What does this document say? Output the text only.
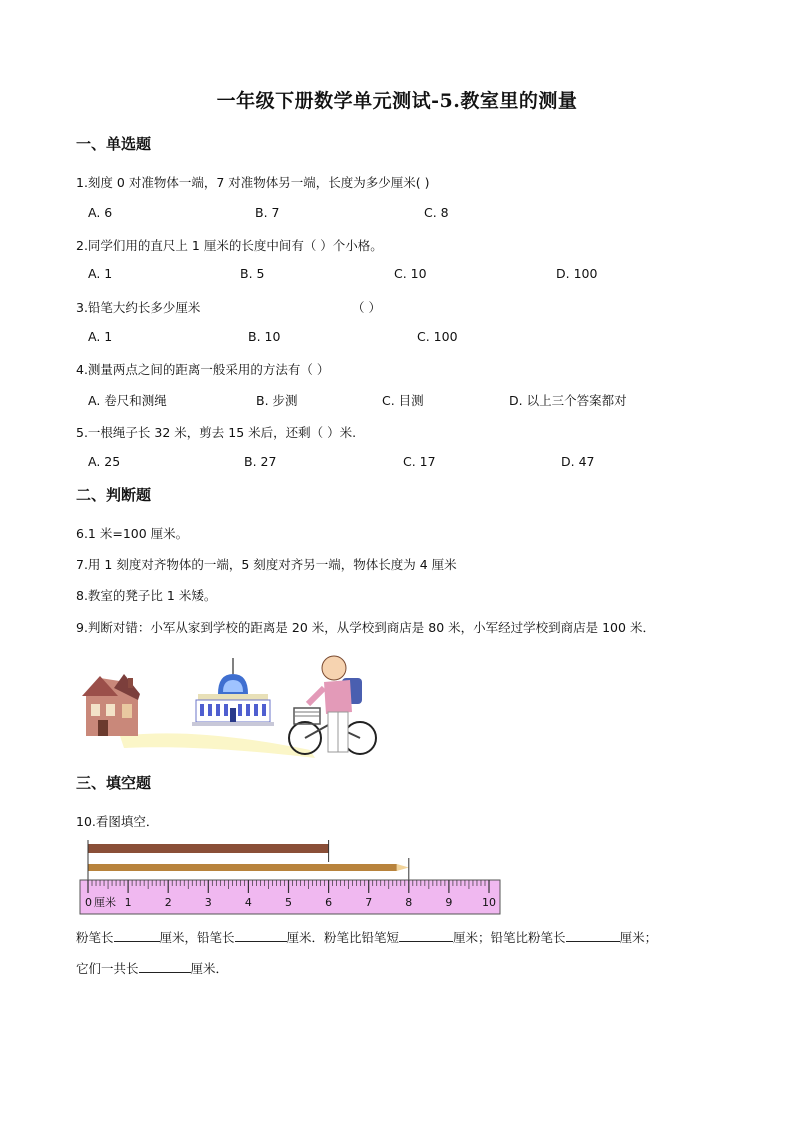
一年级下册数学单元测试-5.教室里的测量
一、单选题
1.刻度 0 对准物体一端，7 对准物体另一端，长度为多少厘米( )
A. 6	B. 7	C. 8
2.同学们用的直尺上 1 厘米的长度中间有（ ）个小格。
A. 1	B. 5	C. 10	D. 100
3.铅笔大约长多少厘米	（ ）
A. 1	B. 10	C. 100
4.测量两点之间的距离一般采用的方法有（ ）
A. 卷尺和测绳	B. 步测	C. 目测	D. 以上三个答案都对
5.一根绳子长 32 米，剪去 15 米后，还剩（ ）米.
A. 25	B. 27	C. 17	D. 47
二、判断题
6.1 米=100 厘米。
7.用 1 刻度对齐物体的一端，5 刻度对齐另一端，物体长度为 4 厘米
8.教室的凳子比 1 米矮。
9.判断对错：小军从家到学校的距离是 20 米，从学校到商店是 80 米，小军经过学校到商店是 100 米．
三、填空题
10.看图填空．
0	1	2	3	4	5	6	7	8	9	10
厘米
粉笔长	厘米，铅笔长	厘米．粉笔比铅笔短	厘米；铅笔比粉笔长	厘米；
它们一共长	厘米．
